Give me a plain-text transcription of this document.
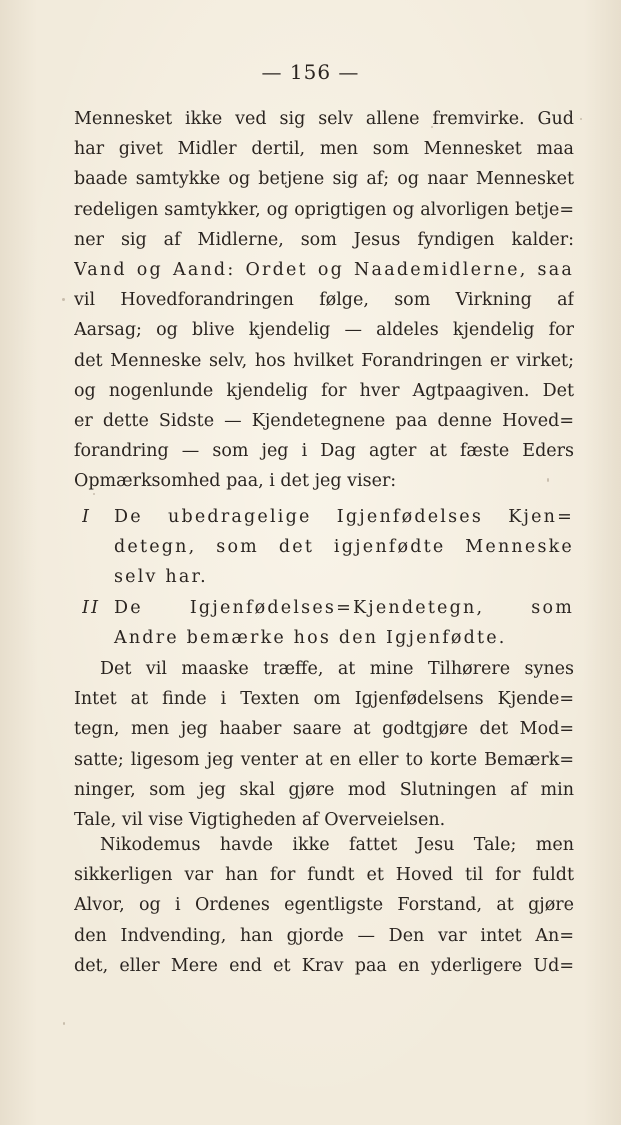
— 156 —
Mennesket ikke ved sig selv allene fremvirke. Gud
har givet Midler dertil, men som Mennesket maa
baade samtykke og betjene sig af; og naar Mennesket
redeligen samtykker, og oprigtigen og alvorligen betje=
ner sig af Midlerne, som Jesus fyndigen kalder:
Vand og Aand: Ordet og Naademidlerne, saa
vil Hovedforandringen følge, som Virkning af
Aarsag; og blive kjendelig — aldeles kjendelig for
det Menneske selv, hos hvilket Forandringen er virket;
og nogenlunde kjendelig for hver Agtpaagiven. Det
er dette Sidste — Kjendetegnene paa denne Hoved=
forandring — som jeg i Dag agter at fæste Eders
Opmærksomhed paa, i det jeg viser:
I De ubedragelige Igjenfødelses Kjen=
detegn, som det igjenfødte Menneske
selv har.
II De Igjenfødelses=Kjendetegn, som
Andre bemærke hos den Igjenfødte.
Det vil maaske træffe, at mine Tilhørere synes
Intet at finde i Texten om Igjenfødelsens Kjende=
tegn, men jeg haaber saare at godtgjøre det Mod=
satte; ligesom jeg venter at en eller to korte Bemærk=
ninger, som jeg skal gjøre mod Slutningen af min
Tale, vil vise Vigtigheden af Overveielsen.
Nikodemus havde ikke fattet Jesu Tale; men
sikkerligen var han for fundt et Hoved til for fuldt
Alvor, og i Ordenes egentligste Forstand, at gjøre
den Indvending, han gjorde — Den var intet An=
det, eller Mere end et Krav paa en yderligere Ud=
